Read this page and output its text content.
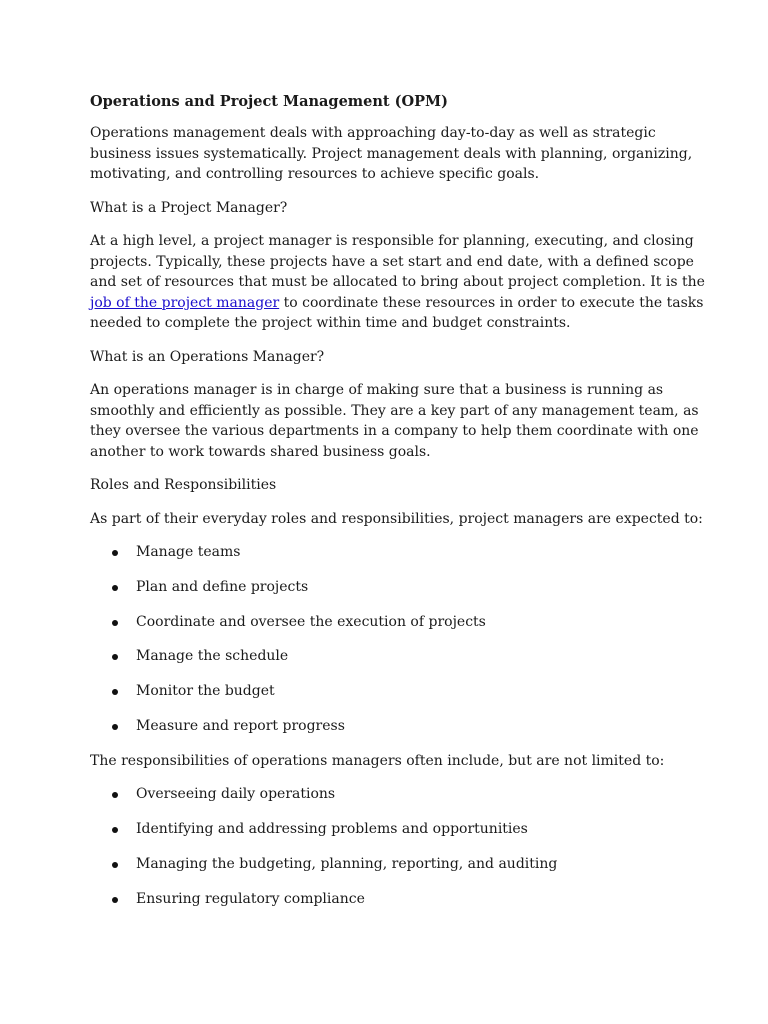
Operations and Project Management (OPM)

Operations management deals with approaching day-to-day as well as strategic business issues systematically. Project management deals with planning, organizing, motivating, and controlling resources to achieve specific goals.

What is a Project Manager?

At a high level, a project manager is responsible for planning, executing, and closing projects. Typically, these projects have a set start and end date, with a defined scope and set of resources that must be allocated to bring about project completion. It is the job of the project manager to coordinate these resources in order to execute the tasks needed to complete the project within time and budget constraints.

What is an Operations Manager?

An operations manager is in charge of making sure that a business is running as smoothly and efficiently as possible. They are a key part of any management team, as they oversee the various departments in a company to help them coordinate with one another to work towards shared business goals.

Roles and Responsibilities

As part of their everyday roles and responsibilities, project managers are expected to:

Manage teams
Plan and define projects
Coordinate and oversee the execution of projects
Manage the schedule
Monitor the budget
Measure and report progress

The responsibilities of operations managers often include, but are not limited to:

Overseeing daily operations
Identifying and addressing problems and opportunities
Managing the budgeting, planning, reporting, and auditing
Ensuring regulatory compliance
